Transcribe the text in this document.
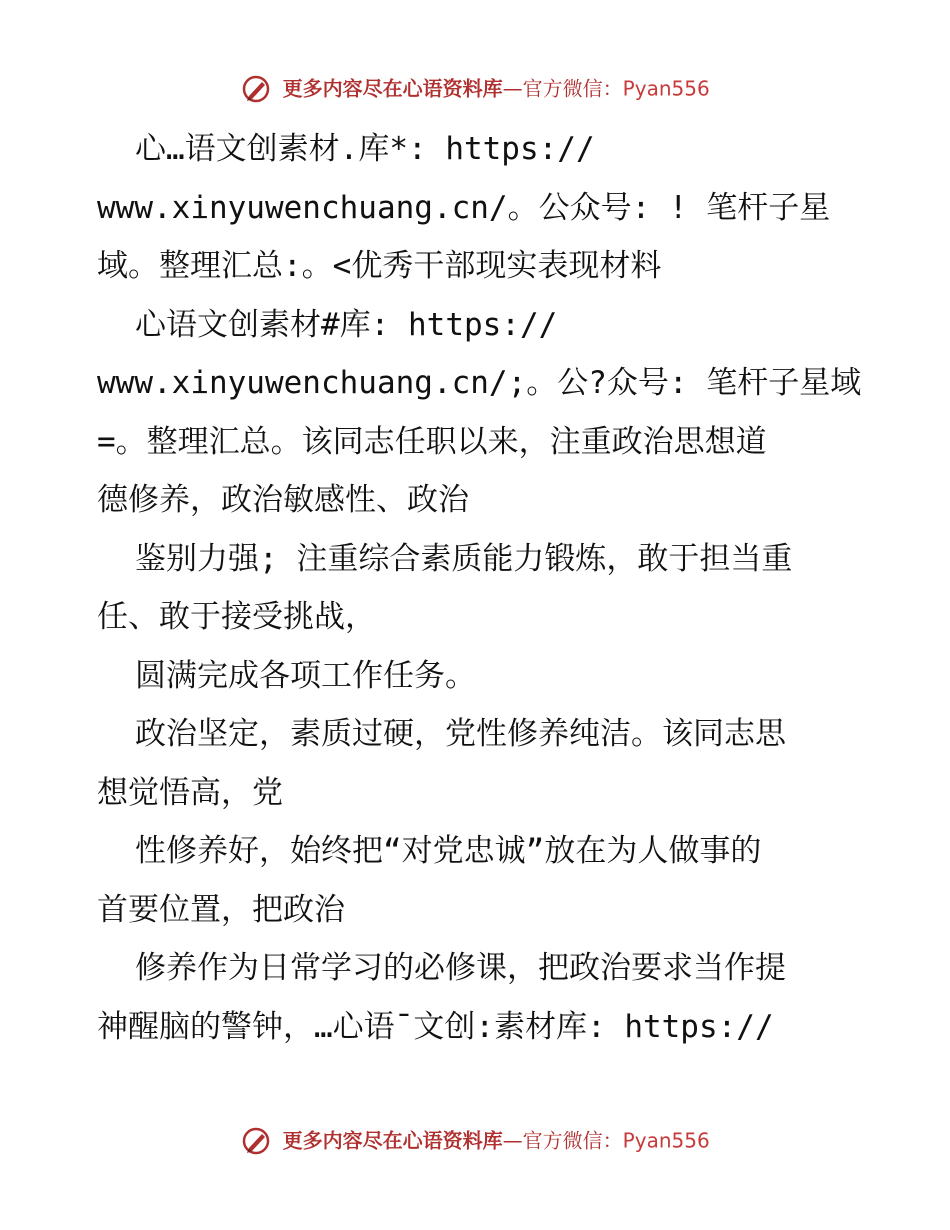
更多内容尽在心语资料库—官方微信：Pyan556
心…语文创素材.库*: https://
www.xinyuwenchuang.cn/。公众号: ! 笔杆子星
域。整理汇总:。<优秀干部现实表现材料
心语文创素材#库: https://
www.xinyuwenchuang.cn/;。公?众号: 笔杆子星域
=。整理汇总。该同志任职以来，注重政治思想道
德修养，政治敏感性、政治
鉴别力强; 注重综合素质能力锻炼，敢于担当重
任、敢于接受挑战，
圆满完成各项工作任务。
政治坚定，素质过硬，党性修养纯洁。该同志思
想觉悟高，党
性修养好，始终把“对党忠诚”放在为人做事的
首要位置，把政治
修养作为日常学习的必修课，把政治要求当作提
神醒脑的警钟，…心语¯文创:素材库: https://
更多内容尽在心语资料库—官方微信：Pyan556
